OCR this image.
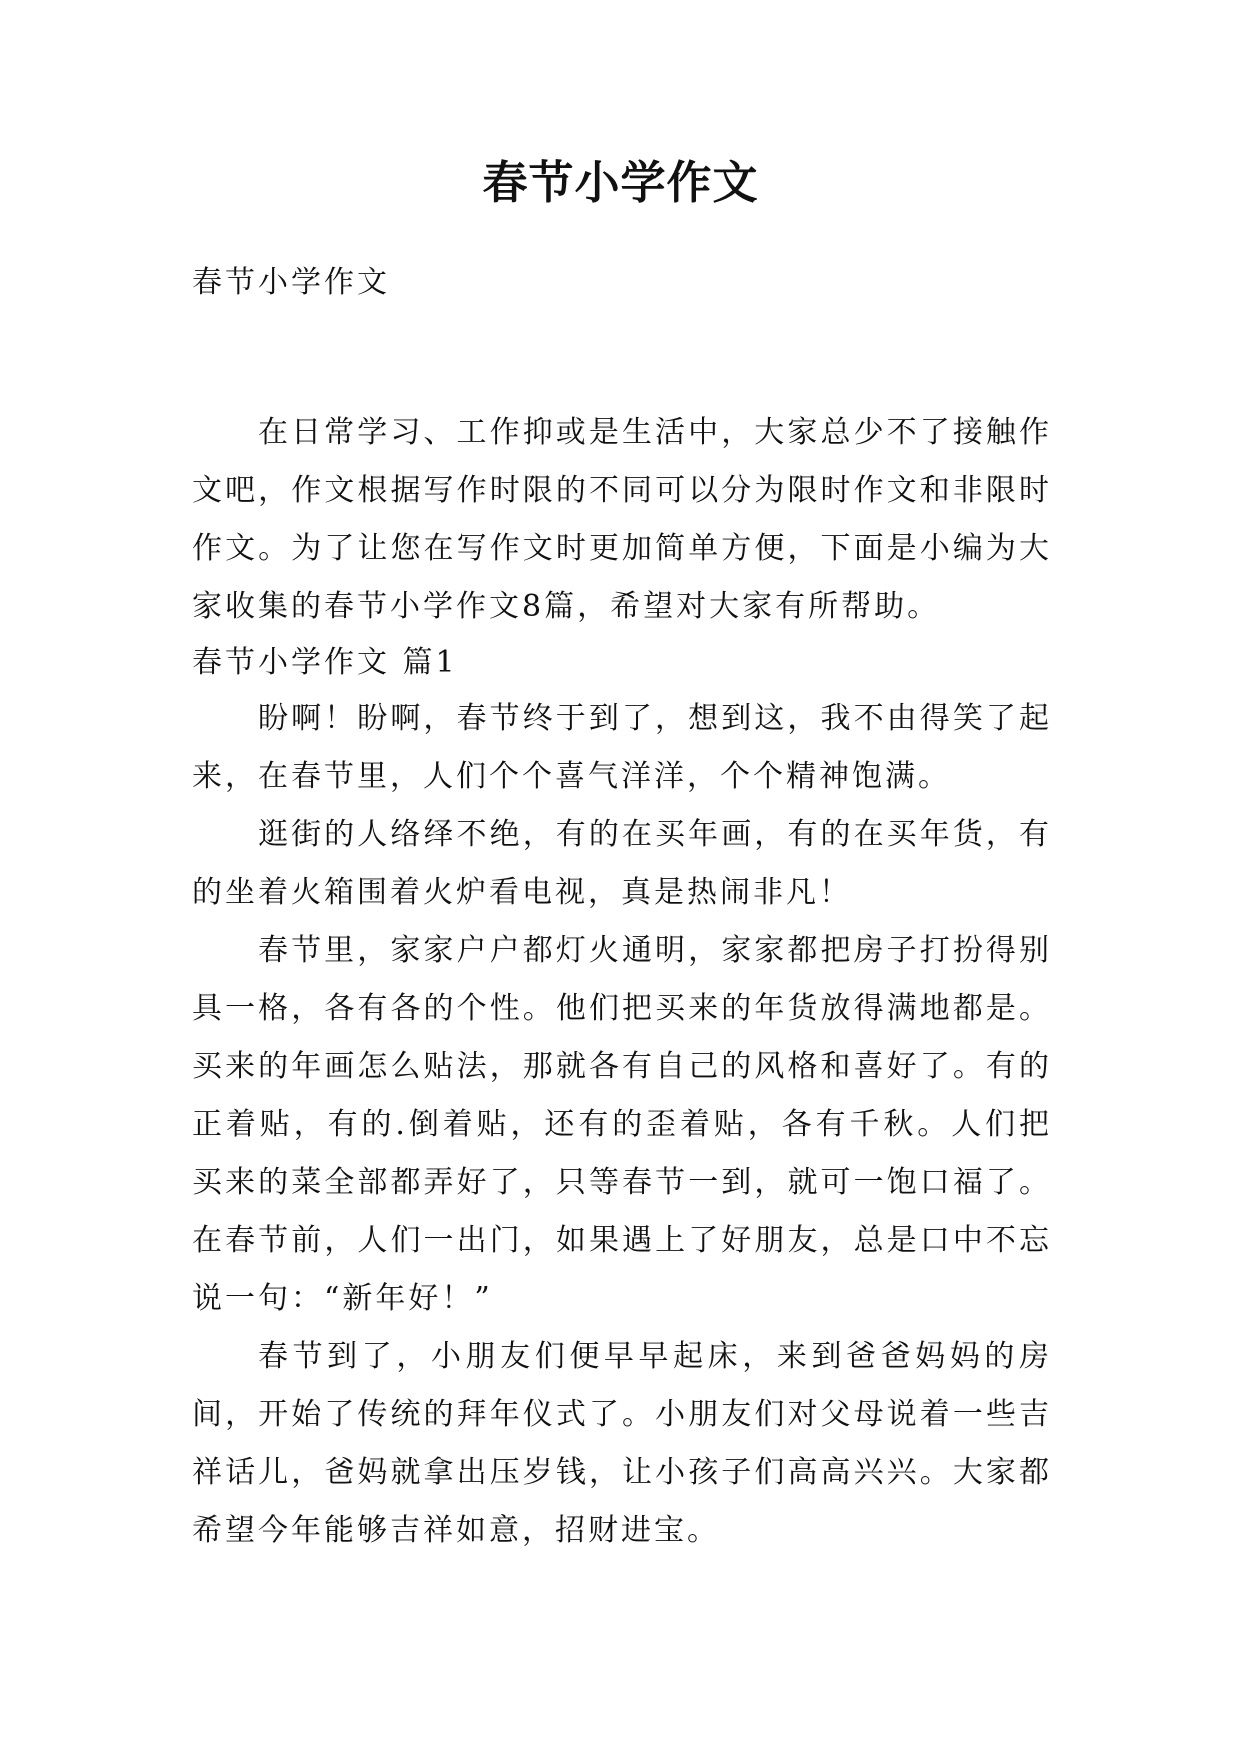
春节小学作文
春节小学作文

在日常学习、工作抑或是生活中，大家总少不了接触作文吧，作文根据写作时限的不同可以分为限时作文和非限时作文。为了让您在写作文时更加简单方便，下面是小编为大家收集的春节小学作文8篇，希望对大家有所帮助。

春节小学作文 篇1

盼啊！盼啊，春节终于到了，想到这，我不由得笑了起来，在春节里，人们个个喜气洋洋，个个精神饱满。

逛街的人络绎不绝，有的在买年画，有的在买年货，有的坐着火箱围着火炉看电视，真是热闹非凡！

春节里，家家户户都灯火通明，家家都把房子打扮得别具一格，各有各的个性。他们把买来的年货放得满地都是。买来的年画怎么贴法，那就各有自己的风格和喜好了。有的正着贴，有的.倒着贴，还有的歪着贴，各有千秋。人们把买来的菜全部都弄好了，只等春节一到，就可一饱口福了。在春节前，人们一出门，如果遇上了好朋友，总是口中不忘说一句：“新年好！”

春节到了，小朋友们便早早起床，来到爸爸妈妈的房间，开始了传统的拜年仪式了。小朋友们对父母说着一些吉祥话儿，爸妈就拿出压岁钱，让小孩子们高高兴兴。大家都希望今年能够吉祥如意，招财进宝。
